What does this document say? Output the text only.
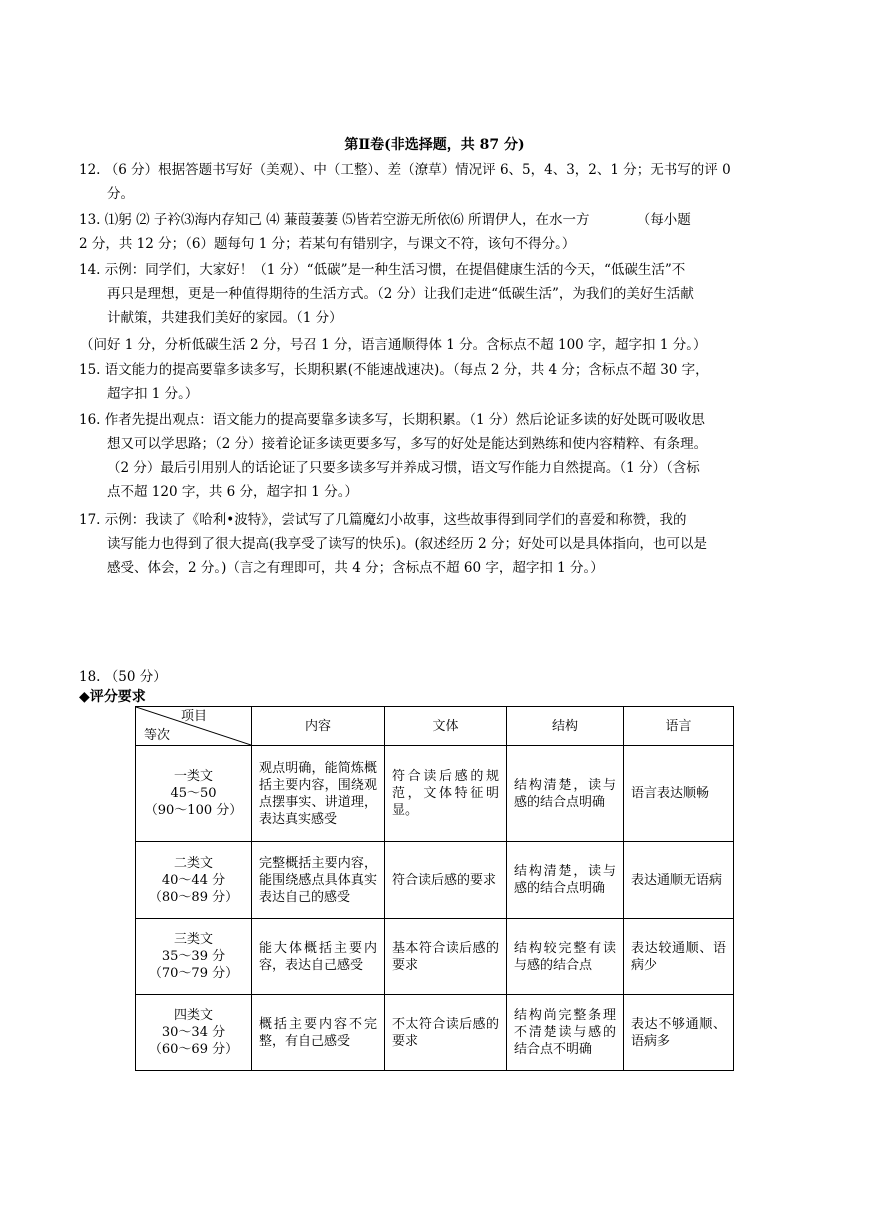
第Ⅱ卷(非选择题，共 87 分)
12. （6 分）根据答题书写好（美观）、中（工整）、差（潦草）情况评 6、5，4、3，2、1 分；无书写的评 0
分。
13. ⑴躬 ⑵ 子衿⑶海内存知己 ⑷ 蒹葭萋萋 ⑸皆若空游无所依⑹ 所谓伊人，在水一方　　　　（每小题
2 分，共 12 分；（6）题每句 1 分；若某句有错别字，与课文不符，该句不得分。）
14. 示例：同学们，大家好！（1 分）“低碳”是一种生活习惯，在提倡健康生活的今天，“低碳生活”不
再只是理想，更是一种值得期待的生活方式。（2 分）让我们走进“低碳生活”，为我们的美好生活献
计献策，共建我们美好的家园。（1 分）
（问好 1 分，分析低碳生活 2 分，号召 1 分，语言通顺得体 1 分。含标点不超 100 字，超字扣 1 分。）
15. 语文能力的提高要靠多读多写，长期积累(不能速战速决)。（每点 2 分，共 4 分；含标点不超 30 字，
超字扣 1 分。）
16. 作者先提出观点：语文能力的提高要靠多读多写，长期积累。（1 分）然后论证多读的好处既可吸收思
想又可以学思路；（2 分）接着论证多读更要多写，多写的好处是能达到熟练和使内容精粹、有条理。
（2 分）最后引用别人的话论证了只要多读多写并养成习惯，语文写作能力自然提高。（1 分）（含标
点不超 120 字，共 6 分，超字扣 1 分。）
17. 示例：我读了《哈利•波特》，尝试写了几篇魔幻小故事，这些故事得到同学们的喜爱和称赞，我的
读写能力也得到了很大提高(我享受了读写的快乐)。(叙述经历 2 分；好处可以是具体指向，也可以是
感受、体会，2 分。)（言之有理即可，共 4 分；含标点不超 60 字，超字扣 1 分。）
18. （50 分）
◆评分要求
项目
等次	内容	文体	结构	语言

一类文
45～50
（90～100 分）	观点明确，能简炼概括主要内容，围绕观点摆事实、讲道理，表达真实感受	符合读后感的规范，文体特征明显。	结构清楚，读与感的结合点明确	语言表达顺畅

二类文
40～44 分
（80～89 分）	完整概括主要内容，能围绕感点具体真实表达自己的感受	符合读后感的要求	结构清楚，读与感的结合点明确	表达通顺无语病

三类文
35～39 分
（70～79 分）	能大体概括主要内容，表达自己感受	基本符合读后感的要求	结构较完整有读与感的结合点	表达较通顺、语病少

四类文
30～34 分
（60～69 分）	概括主要内容不完整，有自己感受	不太符合读后感的要求	结构尚完整条理不清楚读与感的结合点不明确	表达不够通顺、语病多
